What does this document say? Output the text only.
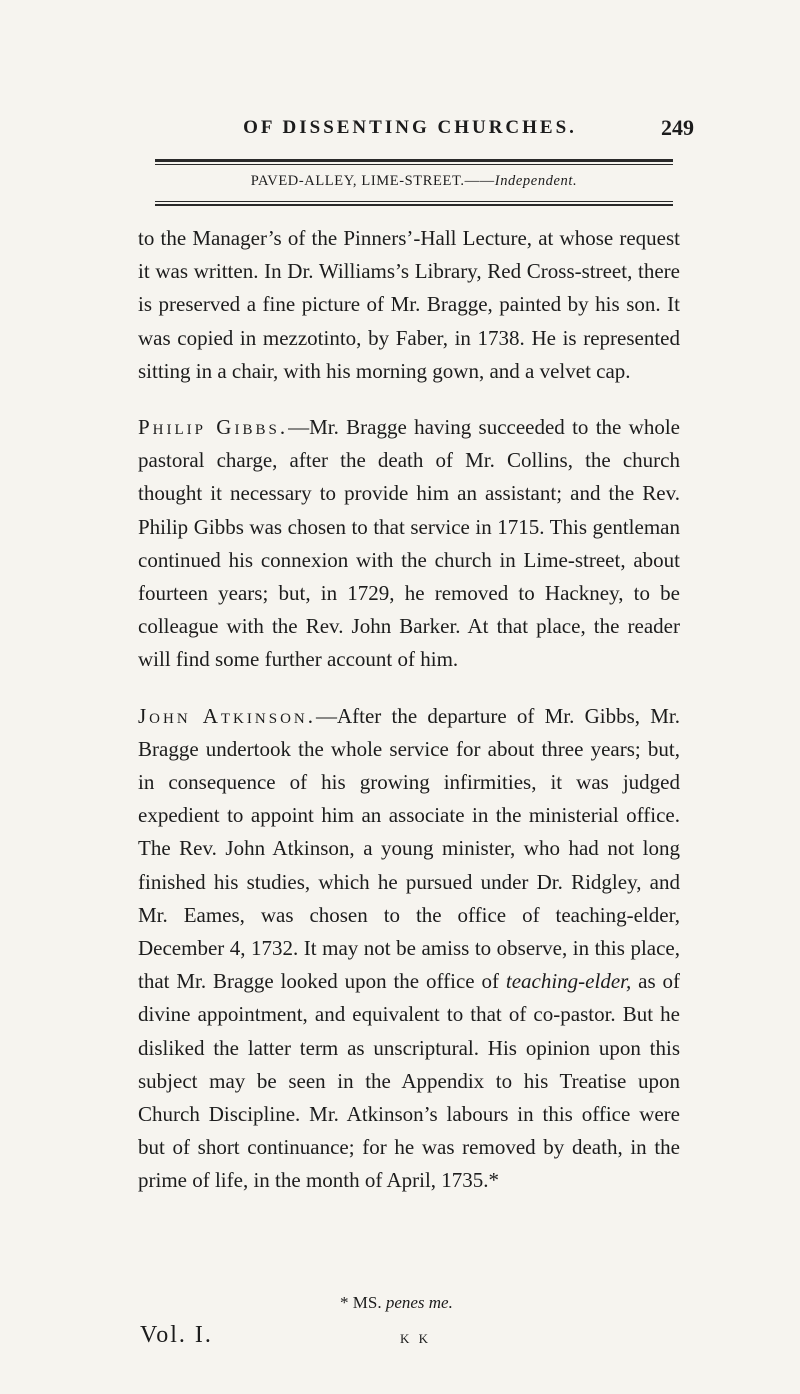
OF DISSENTING CHURCHES.	249
PAVED-ALLEY, LIME-STREET.——Independent.

to the Manager’s of the Pinners’-Hall Lecture, at whose request it was written. In Dr. Williams’s Library, Red Cross-street, there is preserved a fine picture of Mr. Bragge, painted by his son. It was copied in mezzotinto, by Faber, in 1738. He is represented sitting in a chair, with his morning gown, and a velvet cap.

Philip Gibbs.—Mr. Bragge having succeeded to the whole pastoral charge, after the death of Mr. Collins, the church thought it necessary to provide him an assistant; and the Rev. Philip Gibbs was chosen to that service in 1715. This gentleman continued his connexion with the church in Lime-street, about fourteen years; but, in 1729, he removed to Hackney, to be colleague with the Rev. John Barker. At that place, the reader will find some further account of him.

John Atkinson.—After the departure of Mr. Gibbs, Mr. Bragge undertook the whole service for about three years; but, in consequence of his growing infirmities, it was judged expedient to appoint him an associate in the ministerial office. The Rev. John Atkinson, a young minister, who had not long finished his studies, which he pursued under Dr. Ridgley, and Mr. Eames, was chosen to the office of teaching-elder, December 4, 1732. It may not be amiss to observe, in this place, that Mr. Bragge looked upon the office of teaching-elder, as of divine appointment, and equivalent to that of co-pastor. But he disliked the latter term as unscriptural. His opinion upon this subject may be seen in the Appendix to his Treatise upon Church Discipline. Mr. Atkinson’s labours in this office were but of short continuance; for he was removed by death, in the prime of life, in the month of April, 1735.*

* MS. penes me.
Vol. I.	K K
